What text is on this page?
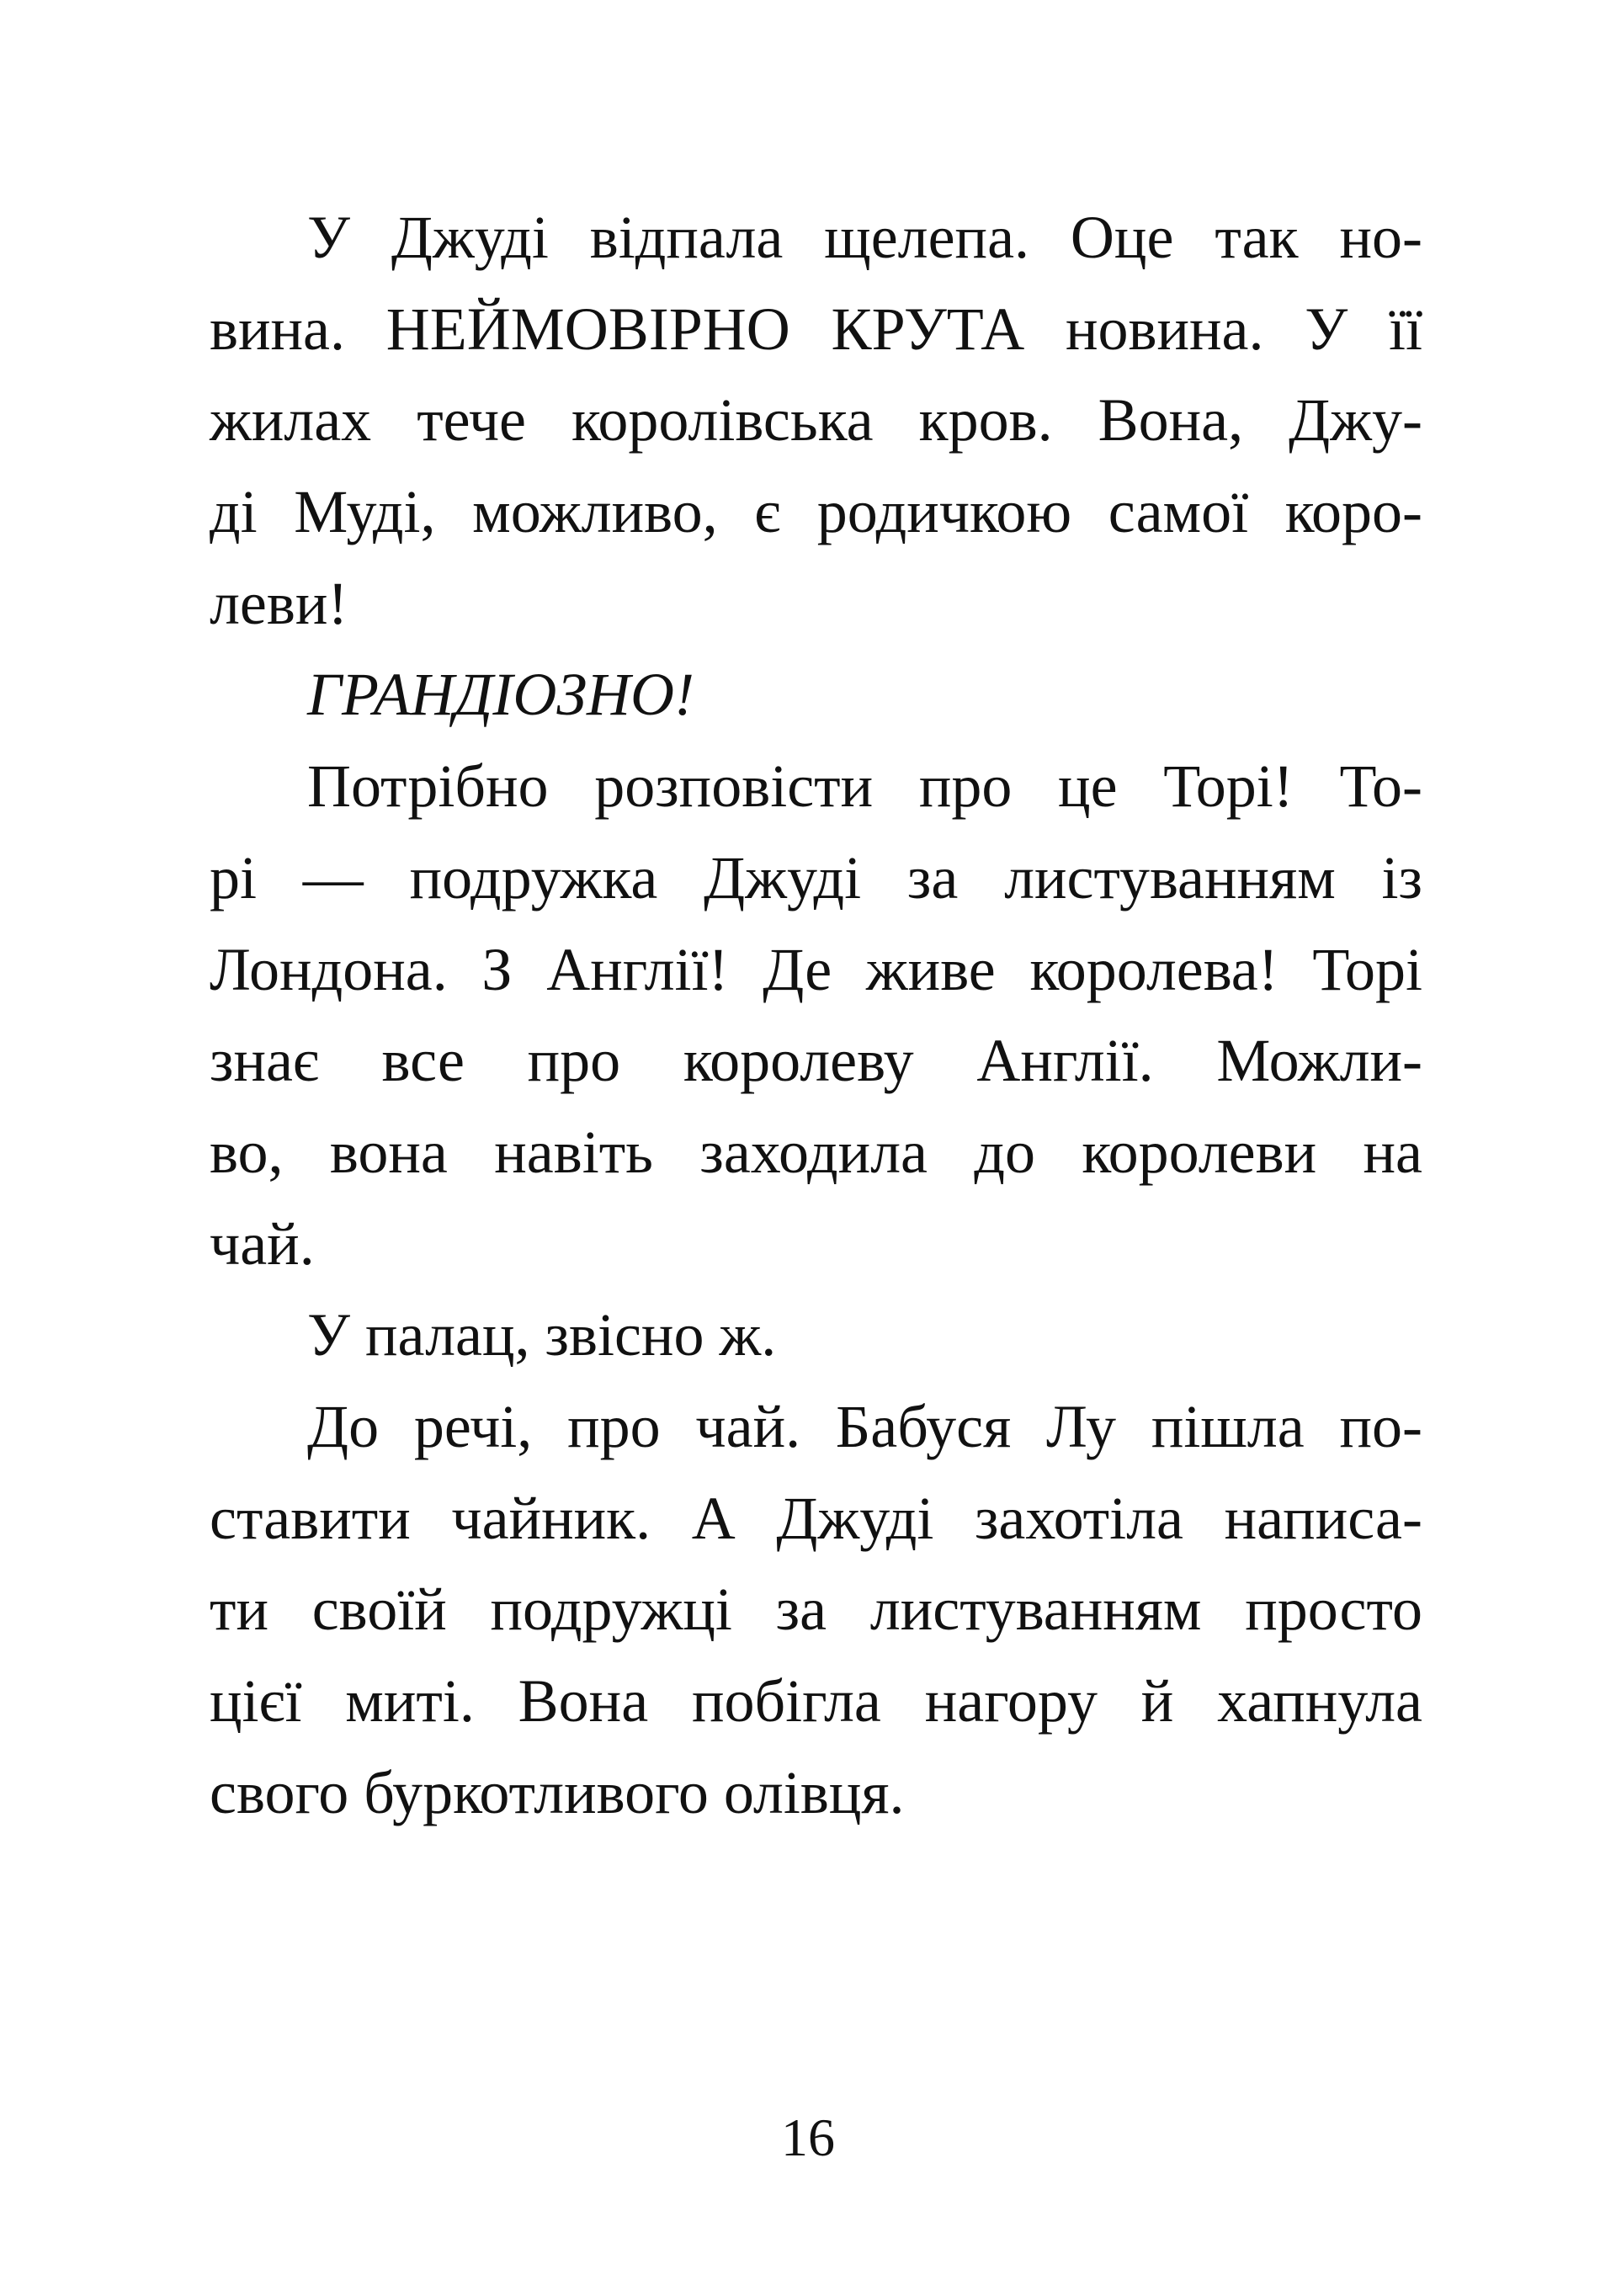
У Джуді відпала щелепа. Оце так но-
вина. НЕЙМОВІРНО КРУТА новина. У її
жилах тече королівська кров. Вона, Джу-
ді Муді, можливо, є родичкою самої коро-
леви!
ГРАНДІОЗНО!
Потрібно розповісти про це Торі! То-
рі — подружка Джуді за листуванням із
Лондона. З Англії! Де живе королева! Торі
знає все про королеву Англії. Можли-
во, вона навіть заходила до королеви на
чай.
У палац, звісно ж.
До речі, про чай. Бабуся Лу пішла по-
ставити чайник. А Джуді захотіла написа-
ти своїй подружці за листуванням просто
цієї миті. Вона побігла нагору й хапнула
свого буркотливого олівця.
16
